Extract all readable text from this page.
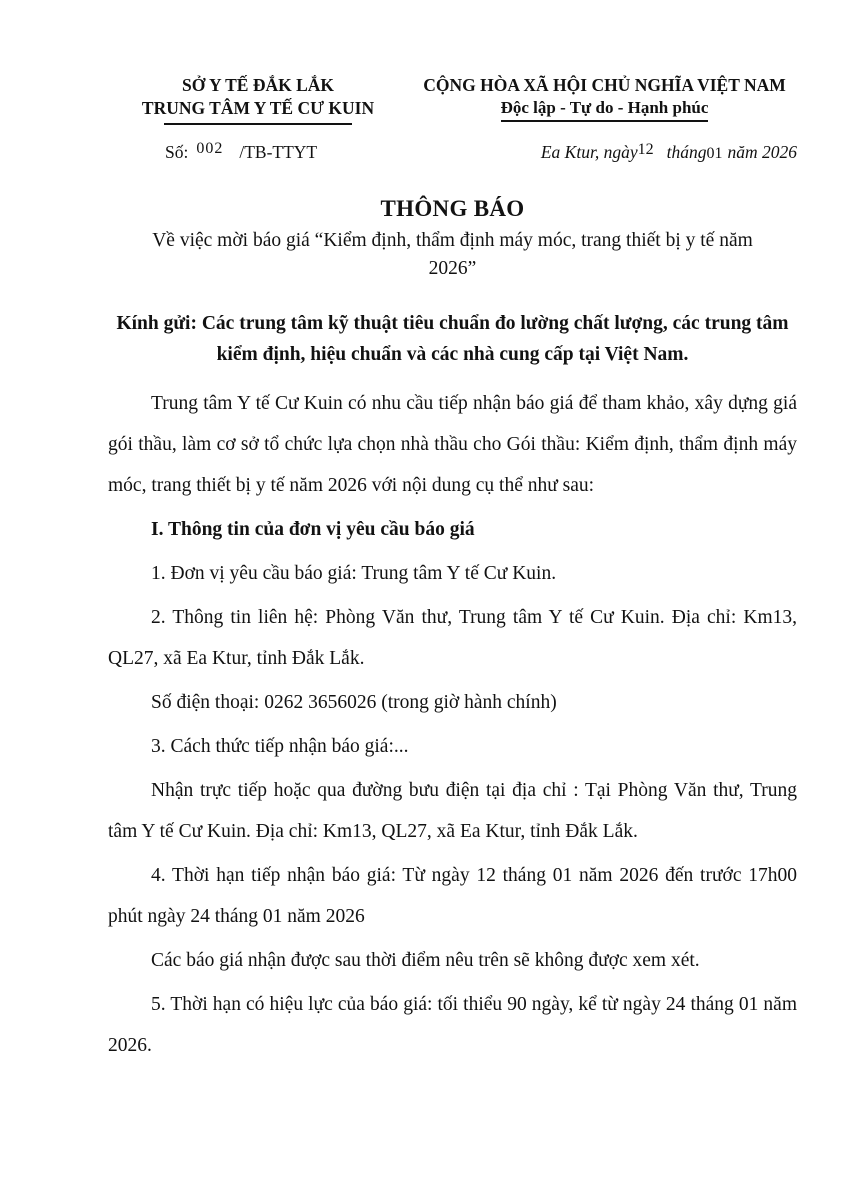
SỞ Y TẾ ĐẮK LẮK
TRUNG TÂM Y TẾ CƯ KUIN
CỘNG HÒA XÃ HỘI CHỦ NGHĨA VIỆT NAM
Độc lập - Tự do - Hạnh phúc
Số: 002 /TB-TTYT	Ea Ktur, ngày12 tháng01 năm 2026
THÔNG BÁO
Về việc mời báo giá “Kiểm định, thẩm định máy móc, trang thiết bị y tế năm 2026”
Kính gửi: Các trung tâm kỹ thuật tiêu chuẩn đo lường chất lượng, các trung tâm kiểm định, hiệu chuẩn và các nhà cung cấp tại Việt Nam.

Trung tâm Y tế Cư Kuin có nhu cầu tiếp nhận báo giá để tham khảo, xây dựng giá gói thầu, làm cơ sở tổ chức lựa chọn nhà thầu cho Gói thầu: Kiểm định, thẩm định máy móc, trang thiết bị y tế năm 2026 với nội dung cụ thể như sau:

I. Thông tin của đơn vị yêu cầu báo giá

1. Đơn vị yêu cầu báo giá: Trung tâm Y tế Cư Kuin.

2. Thông tin liên hệ: Phòng Văn thư, Trung tâm Y tế Cư Kuin. Địa chỉ: Km13, QL27, xã Ea Ktur, tỉnh Đắk Lắk.

Số điện thoại: 0262 3656026 (trong giờ hành chính)

3. Cách thức tiếp nhận báo giá:...

Nhận trực tiếp hoặc qua đường bưu điện tại địa chỉ : Tại Phòng Văn thư, Trung tâm Y tế Cư Kuin. Địa chỉ: Km13, QL27, xã Ea Ktur, tỉnh Đắk Lắk.

4. Thời hạn tiếp nhận báo giá: Từ ngày 12 tháng 01 năm 2026 đến trước 17h00 phút ngày 24 tháng 01 năm 2026

Các báo giá nhận được sau thời điểm nêu trên sẽ không được xem xét.

5. Thời hạn có hiệu lực của báo giá: tối thiểu 90 ngày, kể từ ngày 24 tháng 01 năm 2026.
